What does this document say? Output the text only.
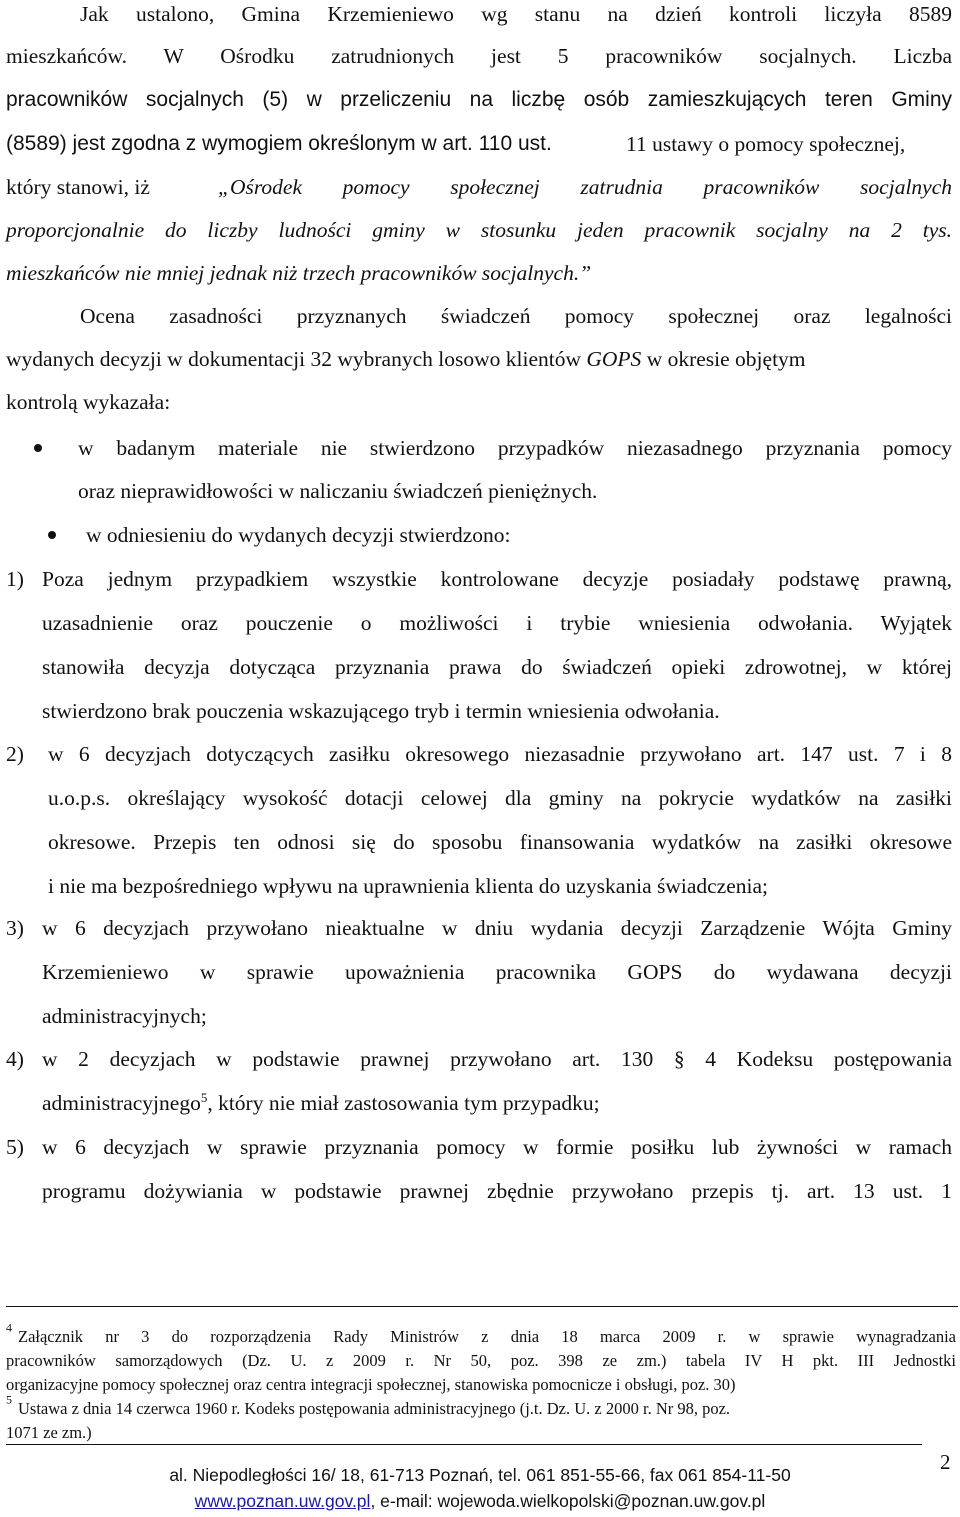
Jak ustalono, Gmina Krzemieniewo wg stanu na dzień kontroli liczyła 8589
mieszkańców. W Ośrodku zatrudnionych jest 5 pracowników socjalnych. Liczba
pracowników socjalnych (5) w przeliczeniu na liczbę osób zamieszkujących teren Gminy
(8589) jest zgodna z wymogiem określonym w art. 110 ust.	11 ustawy o pomocy społecznej,
który stanowi, iż	„Ośrodek pomocy społecznej zatrudnia pracowników socjalnych
proporcjonalnie do liczby ludności gminy w stosunku jeden pracownik socjalny na 2 tys.
mieszkańców nie mniej jednak niż trzech pracowników socjalnych.”
Ocena zasadności przyznanych świadczeń pomocy społecznej oraz legalności
wydanych decyzji w dokumentacji 32 wybranych losowo klientów GOPS w okresie objętym
kontrolą wykazała:
w badanym materiale nie stwierdzono przypadków niezasadnego przyznania pomocy
oraz nieprawidłowości w naliczaniu świadczeń pieniężnych.
w odniesieniu do wydanych decyzji stwierdzono:
1) Poza jednym przypadkiem wszystkie kontrolowane decyzje posiadały podstawę prawną,
uzasadnienie oraz pouczenie o możliwości i trybie wniesienia odwołania. Wyjątek
stanowiła decyzja dotycząca przyznania prawa do świadczeń opieki zdrowotnej, w której
stwierdzono brak pouczenia wskazującego tryb i termin wniesienia odwołania.
2) w 6 decyzjach dotyczących zasiłku okresowego niezasadnie przywołano art. 147 ust. 7 i 8
u.o.p.s. określający wysokość dotacji celowej dla gminy na pokrycie wydatków na zasiłki
okresowe. Przepis ten odnosi się do sposobu finansowania wydatków na zasiłki okresowe
i nie ma bezpośredniego wpływu na uprawnienia klienta do uzyskania świadczenia;
3) w 6 decyzjach przywołano nieaktualne w dniu wydania decyzji Zarządzenie Wójta Gminy
Krzemieniewo w sprawie upoważnienia pracownika GOPS do wydawana decyzji
administracyjnych;
4) w 2 decyzjach w podstawie prawnej przywołano art. 130 § 4 Kodeksu postępowania
administracyjnego$^5$, który nie miał zastosowania tym przypadku;
5) w 6 decyzjach w sprawie przyznania pomocy w formie posiłku lub żywności w ramach
programu dożywiania w podstawie prawnej zbędnie przywołano przepis tj. art. 13 ust. 1
$^4$ Załącznik nr 3 do rozporządzenia Rady Ministrów z dnia 18 marca 2009 r. w sprawie wynagradzania
pracowników samorządowych (Dz. U. z 2009 r. Nr 50, poz. 398 ze zm.) tabela IV H pkt. III Jednostki
organizacyjne pomocy społecznej oraz centra integracji społecznej, stanowiska pomocnicze i obsługi, poz. 30)
$^5$ Ustawa z dnia 14 czerwca 1960 r. Kodeks postępowania administracyjnego (j.t. Dz. U. z 2000 r. Nr 98, poz.
1071 ze zm.)
2
al. Niepodległości 16/ 18, 61-713 Poznań, tel. 061 851-55-66, fax 061 854-11-50
www.poznan.uw.gov.pl, e-mail: wojewoda.wielkopolski@poznan.uw.gov.pl
